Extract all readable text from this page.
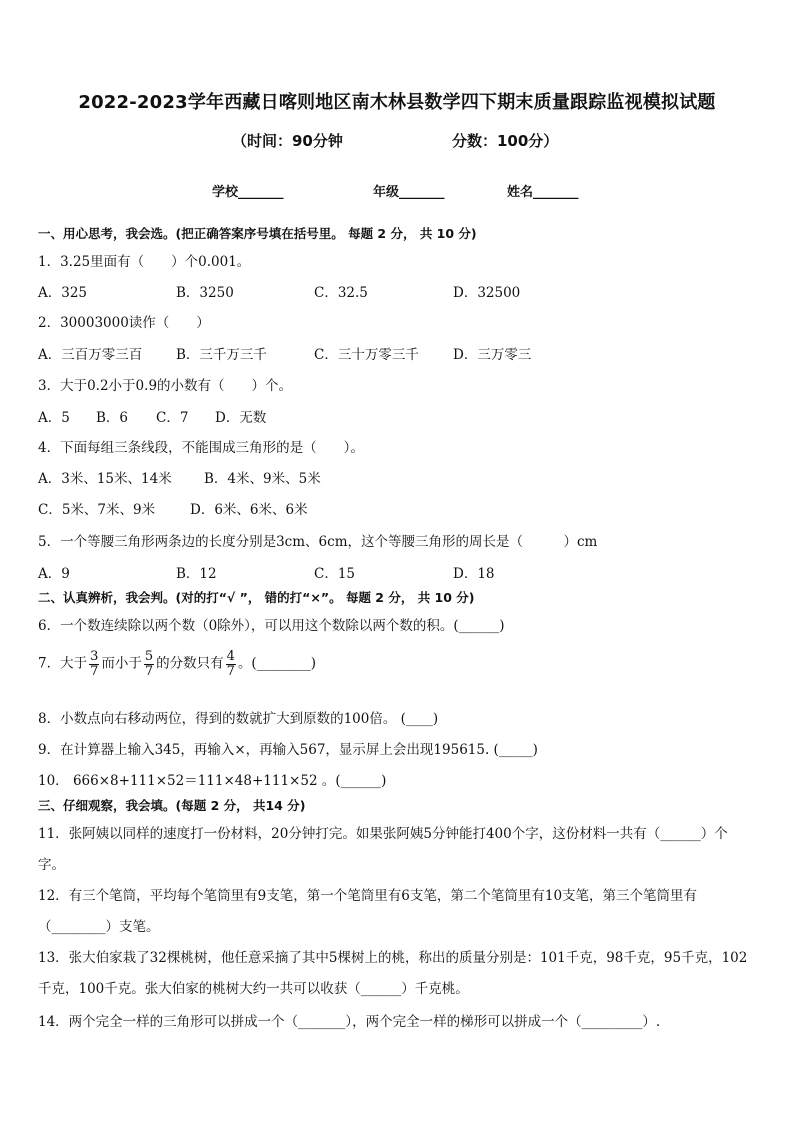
2022-2023学年西藏日喀则地区南木林县数学四下期末质量跟踪监视模拟试题
（时间：90分钟	分数：100分）
学校_______	年级_______	姓名_______
一、用心思考，我会选。(把正确答案序号填在括号里。 每题 2 分， 共 10 分)
1．3.25里面有（　　）个0.001。
A．325	B．3250	C．32.5	D．32500
2．30003000读作（　　）
A．三百万零三百	B．三千万三千	C．三十万零三千	D．三万零三
3．大于0.2小于0.9的小数有（　　）个。
A．5 B．6 C．7 D．无数
4．下面每组三条线段，不能围成三角形的是（　　）。
A．3米、15米、14米 B．4米、9米、5米
C．5米、7米、9米	D．6米、6米、6米
5．一个等腰三角形两条边的长度分别是3cm、6cm，这个等腰三角形的周长是（　　　）cm
A．9	B．12	C．15	D．18
二、认真辨析，我会判。(对的打“√ ”， 错的打“×”。 每题 2 分， 共 10 分)
6．一个数连续除以两个数（0除外），可以用这个数除以两个数的积。(______)
7．大于 $\frac{3}{7}$ 而小于 $\frac{5}{7}$ 的分数只有 $\frac{4}{7}$ 。(________)
8．小数点向右移动两位，得到的数就扩大到原数的100倍。 (____)
9．在计算器上输入345，再输入×，再输入567，显示屏上会出现195615. (_____)
10． 666×8+111×52＝111×48+111×52 。(______)
三、仔细观察，我会填。(每题 2 分， 共14 分)
11．张阿姨以同样的速度打一份材料，20分钟打完。如果张阿姨5分钟能打400个字，这份材料一共有（______）个
字。
12．有三个笔筒，平均每个笔筒里有9支笔，第一个笔筒里有6支笔，第二个笔筒里有10支笔，第三个笔筒里有
（________）支笔。
13．张大伯家栽了32棵桃树，他任意采摘了其中5棵树上的桃，称出的质量分别是：101千克，98千克，95千克，102
千克，100千克。张大伯家的桃树大约一共可以收获（______）千克桃。
14．两个完全一样的三角形可以拼成一个（_______），两个完全一样的梯形可以拼成一个（_________）.
